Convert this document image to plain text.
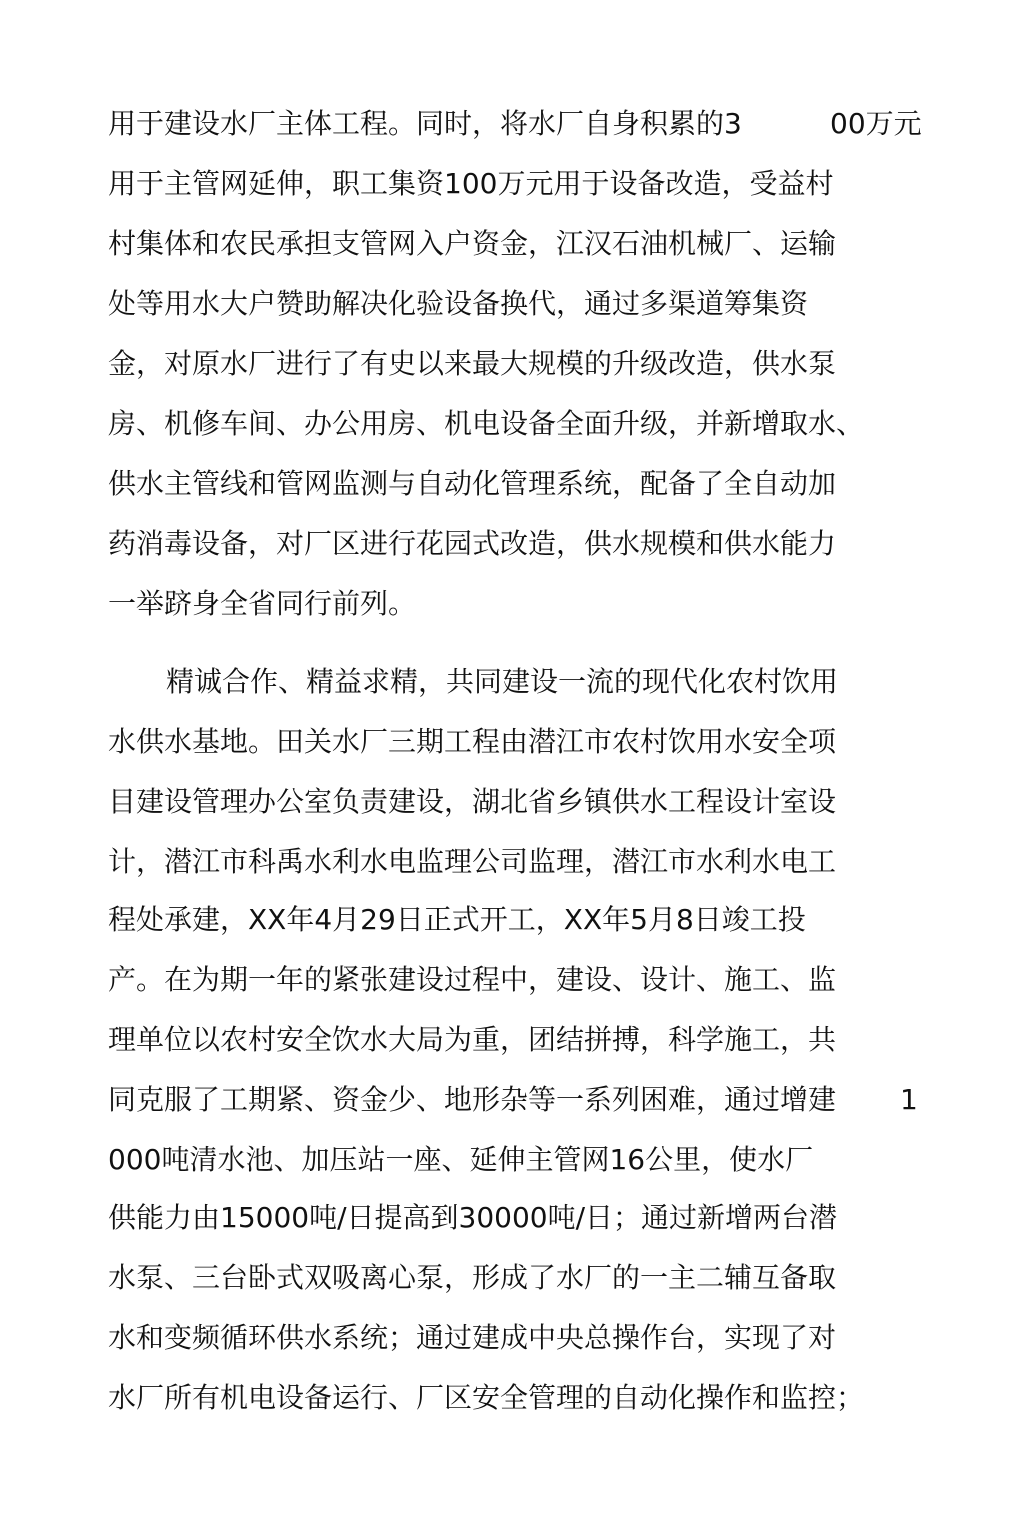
用于建设水厂主体工程。同时，将水厂自身积累的3	00万元
用于主管网延伸，职工集资100万元用于设备改造，受益村
村集体和农民承担支管网入户资金，江汉石油机械厂、运输
处等用水大户赞助解决化验设备换代，通过多渠道筹集资
金，对原水厂进行了有史以来最大规模的升级改造，供水泵
房、机修车间、办公用房、机电设备全面升级，并新增取水、
供水主管线和管网监测与自动化管理系统，配备了全自动加
药消毒设备，对厂区进行花园式改造，供水规模和供水能力
一举跻身全省同行前列。
精诚合作、精益求精，共同建设一流的现代化农村饮用
水供水基地。田关水厂三期工程由潜江市农村饮用水安全项
目建设管理办公室负责建设，湖北省乡镇供水工程设计室设
计，潜江市科禹水利水电监理公司监理，潜江市水利水电工
程处承建，XX年4月29日正式开工，XX年5月8日竣工投
产。在为期一年的紧张建设过程中，建设、设计、施工、监
理单位以农村安全饮水大局为重，团结拼搏，科学施工，共
同克服了工期紧、资金少、地形杂等一系列困难，通过增建 1
000吨清水池、加压站一座、延伸主管网16公里，使水厂
供能力由15000吨/日提高到30000吨/日；通过新增两台潜
水泵、三台卧式双吸离心泵，形成了水厂的一主二辅互备取
水和变频循环供水系统；通过建成中央总操作台，实现了对
水厂所有机电设备运行、厂区安全管理的自动化操作和监控；
